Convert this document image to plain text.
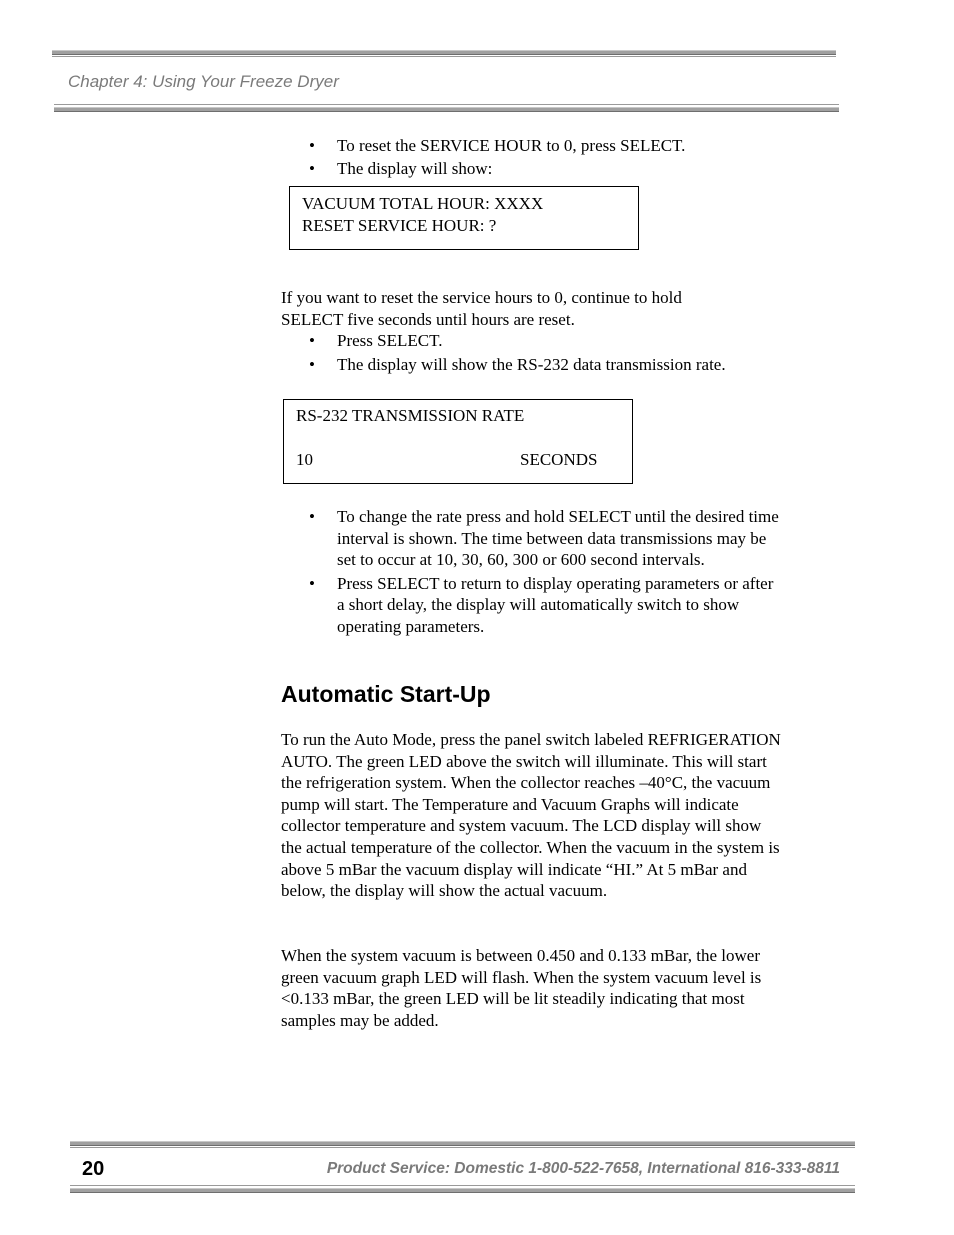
Chapter 4: Using Your Freeze Dryer
• To reset the SERVICE HOUR to 0, press SELECT.
• The display will show:
VACUUM TOTAL HOUR: XXXX
RESET SERVICE HOUR: ?

If you want to reset the service hours to 0, continue to hold SELECT five seconds until hours are reset.

• Press SELECT.
• The display will show the RS-232 data transmission rate.
RS-232 TRANSMISSION RATE
10	SECONDS
• To change the rate press and hold SELECT until the desired time interval is shown. The time between data transmissions may be set to occur at 10, 30, 60, 300 or 600 second intervals.
• Press SELECT to return to display operating parameters or after a short delay, the display will automatically switch to show operating parameters.
Automatic Start-Up

To run the Auto Mode, press the panel switch labeled REFRIGERATION AUTO. The green LED above the switch will illuminate. This will start the refrigeration system. When the collector reaches –40°C, the vacuum pump will start. The Temperature and Vacuum Graphs will indicate collector temperature and system vacuum. The LCD display will show the actual temperature of the collector. When the vacuum in the system is above 5 mBar the vacuum display will indicate “HI.” At 5 mBar and below, the display will show the actual vacuum.

When the system vacuum is between 0.450 and 0.133 mBar, the lower green vacuum graph LED will flash. When the system vacuum level is <0.133 mBar, the green LED will be lit steadily indicating that most samples may be added.

20	Product Service: Domestic 1-800-522-7658, International 816-333-8811
